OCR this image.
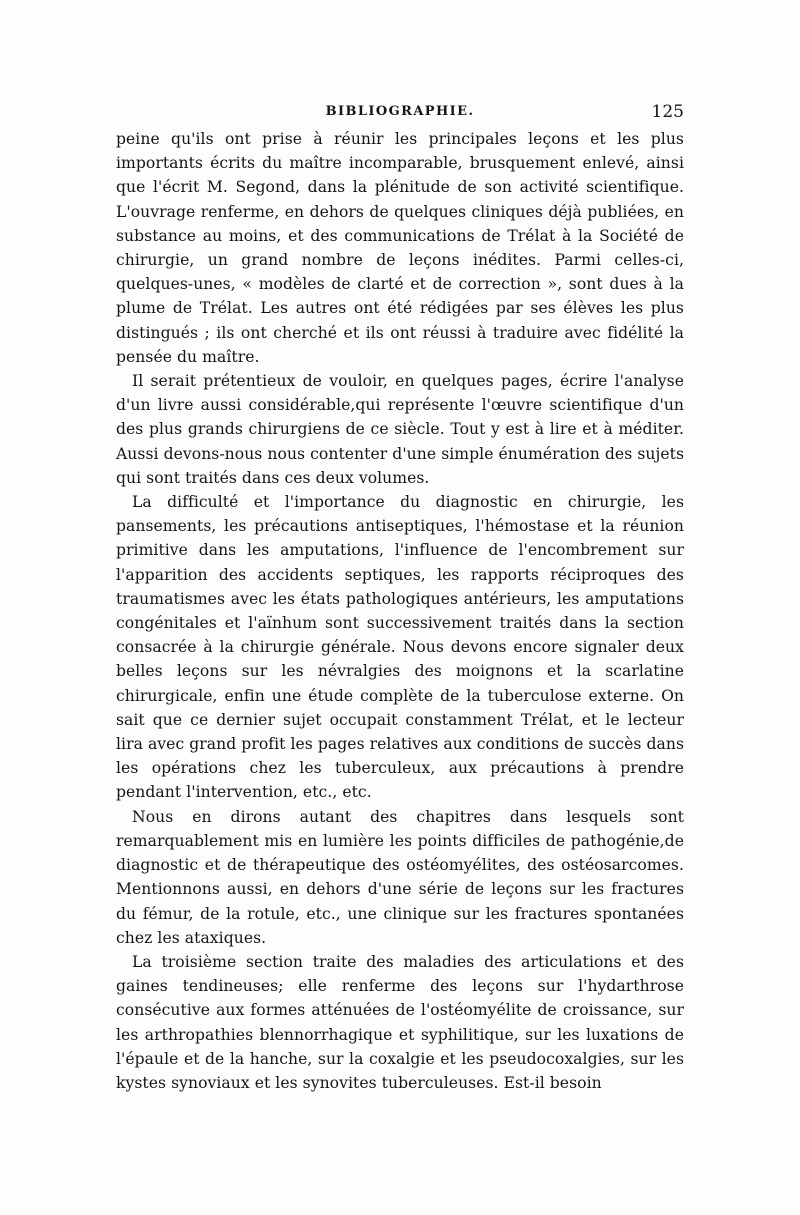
BIBLIOGRAPHIE.	125

peine qu'ils ont prise à réunir les principales leçons et les plus importants écrits du maître incomparable, brusquement enlevé, ainsi que l'écrit M. Segond, dans la plénitude de son activité scientifique. L'ouvrage renferme, en dehors de quelques cliniques déjà publiées, en substance au moins, et des communications de Trélat à la Société de chirurgie, un grand nombre de leçons inédites. Parmi celles-ci, quelques-unes, « modèles de clarté et de correction », sont dues à la plume de Trélat. Les autres ont été rédigées par ses élèves les plus distingués ; ils ont cherché et ils ont réussi à traduire avec fidélité la pensée du maître.

Il serait prétentieux de vouloir, en quelques pages, écrire l'analyse d'un livre aussi considérable,qui représente l'œuvre scientifique d'un des plus grands chirurgiens de ce siècle. Tout y est à lire et à méditer. Aussi devons-nous nous contenter d'une simple énumération des sujets qui sont traités dans ces deux volumes.

La difficulté et l'importance du diagnostic en chirurgie, les pansements, les précautions antiseptiques, l'hémostase et la réunion primitive dans les amputations, l'influence de l'encombrement sur l'apparition des accidents septiques, les rapports réciproques des traumatismes avec les états pathologiques antérieurs, les amputations congénitales et l'aïnhum sont successivement traités dans la section consacrée à la chirurgie générale. Nous devons encore signaler deux belles leçons sur les névralgies des moignons et la scarlatine chirurgicale, enfin une étude complète de la tuberculose externe. On sait que ce dernier sujet occupait constamment Trélat, et le lecteur lira avec grand profit les pages relatives aux conditions de succès dans les opérations chez les tuberculeux, aux précautions à prendre pendant l'intervention, etc., etc.

Nous en dirons autant des chapitres dans lesquels sont remarquablement mis en lumière les points difficiles de pathogénie,de diagnostic et de thérapeutique des ostéomyélites, des ostéosarcomes. Mentionnons aussi, en dehors d'une série de leçons sur les fractures du fémur, de la rotule, etc., une clinique sur les fractures spontanées chez les ataxiques.

La troisième section traite des maladies des articulations et des gaines tendineuses; elle renferme des leçons sur l'hydarthrose consécutive aux formes atténuées de l'ostéomyélite de croissance, sur les arthropathies blennorrhagique et syphilitique, sur les luxations de l'épaule et de la hanche, sur la coxalgie et les pseudocoxalgies, sur les kystes synoviaux et les synovites tuberculeuses. Est-il besoin
